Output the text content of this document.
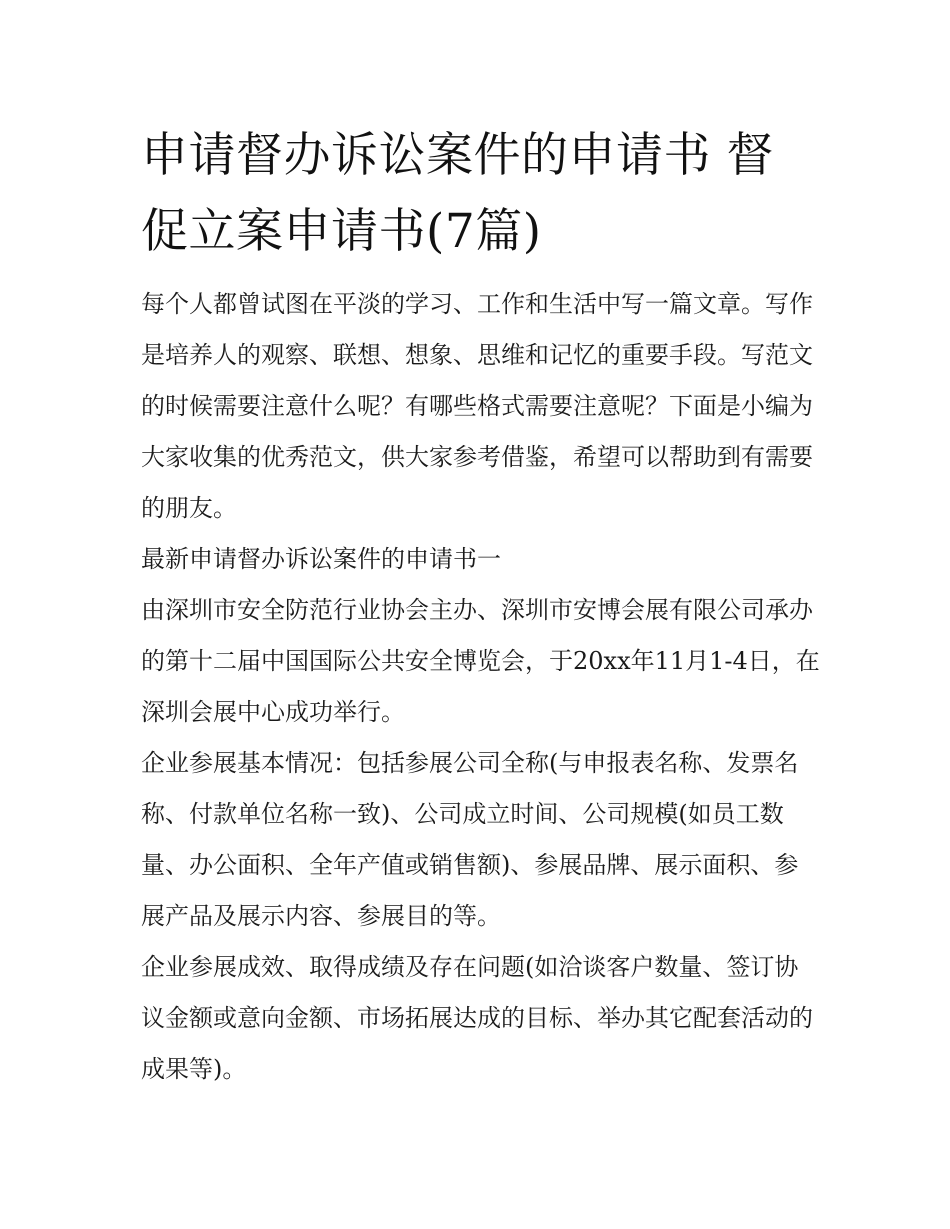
申请督办诉讼案件的申请书 督促立案申请书(7篇)

每个人都曾试图在平淡的学习、工作和生活中写一篇文章。写作是培养人的观察、联想、想象、思维和记忆的重要手段。写范文的时候需要注意什么呢？有哪些格式需要注意呢？下面是小编为大家收集的优秀范文，供大家参考借鉴，希望可以帮助到有需要的朋友。

最新申请督办诉讼案件的申请书一

由深圳市安全防范行业协会主办、深圳市安博会展有限公司承办的第十二届中国国际公共安全博览会，于20xx年11月1-4日，在深圳会展中心成功举行。

企业参展基本情况：包括参展公司全称(与申报表名称、发票名称、付款单位名称一致)、公司成立时间、公司规模(如员工数量、办公面积、全年产值或销售额)、参展品牌、展示面积、参展产品及展示内容、参展目的等。

企业参展成效、取得成绩及存在问题(如洽谈客户数量、签订协议金额或意向金额、市场拓展达成的目标、举办其它配套活动的成果等)。
